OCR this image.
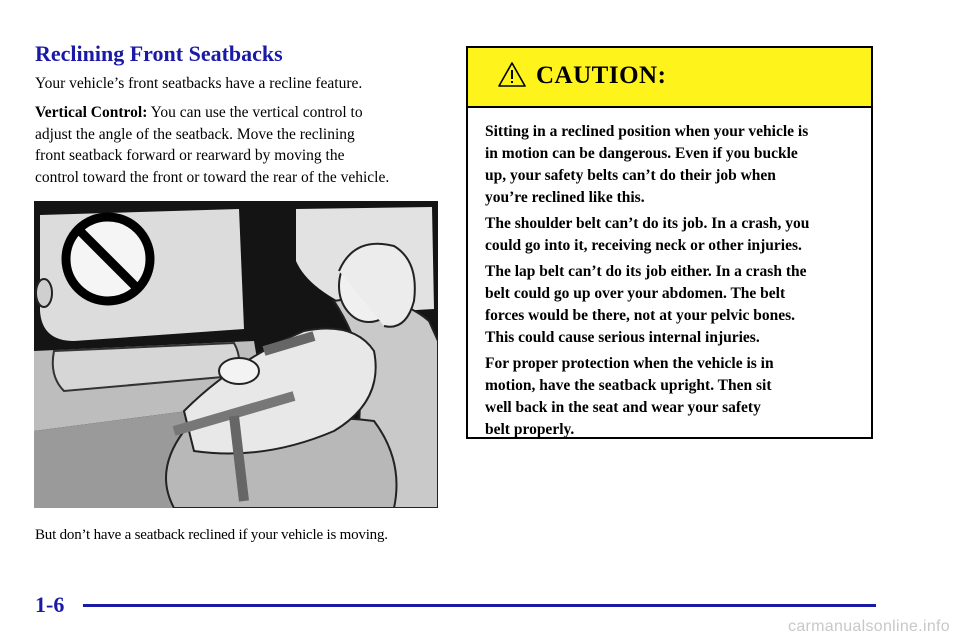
Reclining Front Seatbacks

Your vehicle’s front seatbacks have a recline feature.

Vertical Control: You can use the vertical control to
adjust the angle of the seatback. Move the reclining
front seatback forward or rearward by moving the
control toward the front or toward the rear of the vehicle.

But don’t have a seatback reclined if your vehicle is moving.

CAUTION:

Sitting in a reclined position when your vehicle is
in motion can be dangerous. Even if you buckle
up, your safety belts can’t do their job when
you’re reclined like this.

The shoulder belt can’t do its job. In a crash, you
could go into it, receiving neck or other injuries.

The lap belt can’t do its job either. In a crash the
belt could go up over your abdomen. The belt
forces would be there, not at your pelvic bones.
This could cause serious internal injuries.

For proper protection when the vehicle is in
motion, have the seatback upright. Then sit
well back in the seat and wear your safety
belt properly.

1-6

carmanualsonline.info
